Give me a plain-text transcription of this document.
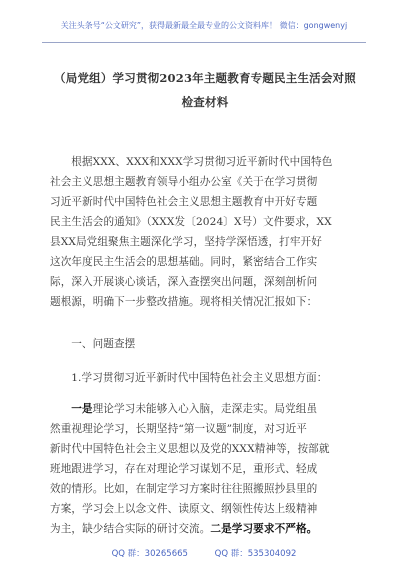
关注头条号“公文研究”，获得最新最全最专业的公文资料库！ 微信：gongwenyj
（局党组）学习贯彻2023年主题教育专题民主生活会对照
检查材料
根据XXX、XXX和XXX学习贯彻习近平新时代中国特色
社会主义思想主题教育领导小组办公室《关于在学习贯彻
习近平新时代中国特色社会主义思想主题教育中开好专题
民主生活会的通知》（XXX发〔2024〕X号）文件要求，XX
县XX局党组聚焦主题深化学习，坚持学深悟透，打牢开好
这次年度民主生活会的思想基础。同时，紧密结合工作实
际，深入开展谈心谈话，深入查摆突出问题，深刻剖析问
题根源，明确下一步整改措施。现将相关情况汇报如下：
一、问题查摆
1.学习贯彻习近平新时代中国特色社会主义思想方面：
一是理论学习未能够入心入脑，走深走实。局党组虽
然重视理论学习，长期坚持“第一议题”制度，对习近平
新时代中国特色社会主义思想以及党的XXX精神等，按部就
班地跟进学习，存在对理论学习谋划不足，重形式、轻成
效的情形。比如，在制定学习方案时往往照搬照抄县里的
方案，学习会上以念文件、读原文、纲领性传达上级精神
为主，缺少结合实际的研讨交流。二是学习要求不严格。
QQ 群：30265665	QQ 群：535304092
